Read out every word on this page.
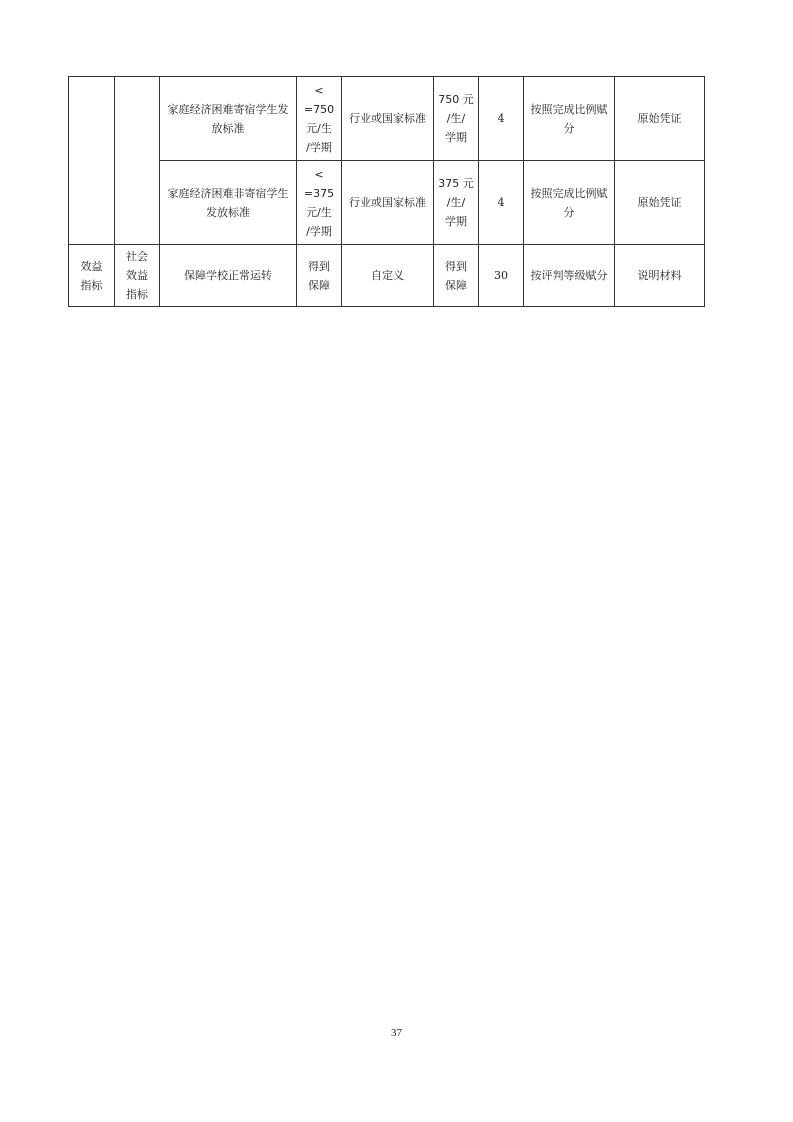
		家庭经济困难寄宿学生发放标准	<
=750
元/生
/学期	行业或国家标准	750 元
/生/
学期	4	按照完成比例赋分	原始凭证
		家庭经济困难非寄宿学生发放标准	<
=375
元/生
/学期	行业或国家标准	375 元
/生/
学期	4	按照完成比例赋分	原始凭证

效益
指标	社会
效益
指标	保障学校正常运转	得到
保障	自定义	得到
保障	30	按评判等级赋分	说明材料
37
